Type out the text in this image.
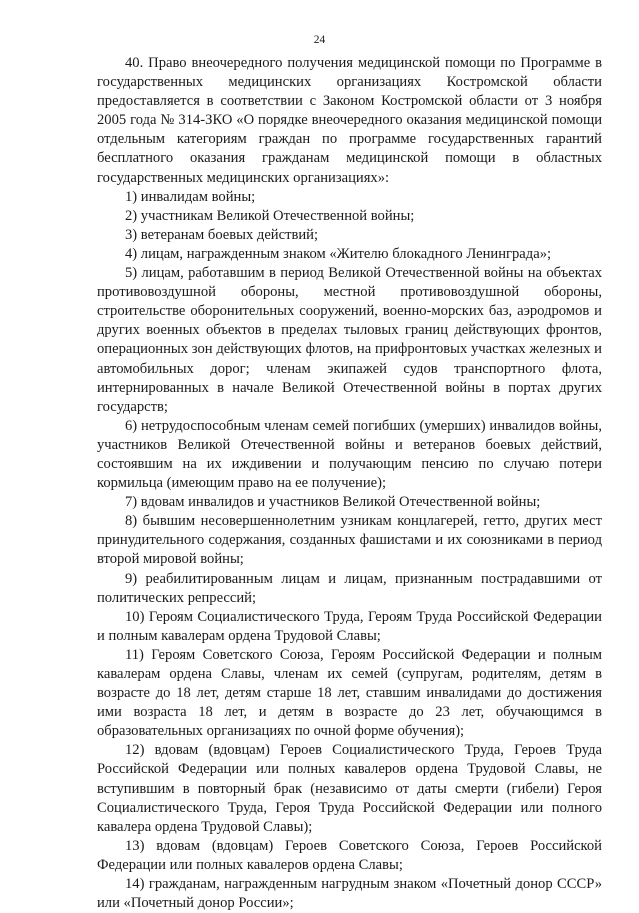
24

40. Право внеочередного получения медицинской помощи по Программе в государственных медицинских организациях Костромской области предоставляется в соответствии с Законом Костромской области от 3 ноября 2005 года № 314-ЗКО «О порядке внеочередного оказания медицинской помощи отдельным категориям граждан по программе государственных гарантий бесплатного оказания гражданам медицинской помощи в областных государственных медицинских организациях»:

1) инвалидам войны;

2) участникам Великой Отечественной войны;

3) ветеранам боевых действий;

4) лицам, награжденным знаком «Жителю блокадного Ленинграда»;

5) лицам, работавшим в период Великой Отечественной войны на объектах противовоздушной обороны, местной противовоздушной обороны, строительстве оборонительных сооружений, военно-морских баз, аэродромов и других военных объектов в пределах тыловых границ действующих фронтов, операционных зон действующих флотов, на прифронтовых участках железных и автомобильных дорог; членам экипажей судов транспортного флота, интернированных в начале Великой Отечественной войны в портах других государств;

6) нетрудоспособным членам семей погибших (умерших) инвалидов войны, участников Великой Отечественной войны и ветеранов боевых действий, состоявшим на их иждивении и получающим пенсию по случаю потери кормильца (имеющим право на ее получение);

7) вдовам инвалидов и участников Великой Отечественной войны;

8) бывшим несовершеннолетним узникам концлагерей, гетто, других мест принудительного содержания, созданных фашистами и их союзниками в период второй мировой войны;

9) реабилитированным лицам и лицам, признанным пострадавшими от политических репрессий;

10) Героям Социалистического Труда, Героям Труда Российской Федерации и полным кавалерам ордена Трудовой Славы;

11) Героям Советского Союза, Героям Российской Федерации и полным кавалерам ордена Славы, членам их семей (супругам, родителям, детям в возрасте до 18 лет, детям старше 18 лет, ставшим инвалидами до достижения ими возраста 18 лет, и детям в возрасте до 23 лет, обучающимся в образовательных организациях по очной форме обучения);

12) вдовам (вдовцам) Героев Социалистического Труда, Героев Труда Российской Федерации или полных кавалеров ордена Трудовой Славы, не вступившим в повторный брак (независимо от даты смерти (гибели) Героя Социалистического Труда, Героя Труда Российской Федерации или полного кавалера ордена Трудовой Славы);

13) вдовам (вдовцам) Героев Советского Союза, Героев Российской Федерации или полных кавалеров ордена Славы;

14) гражданам, награжденным нагрудным знаком «Почетный донор СССР» или «Почетный донор России»;
